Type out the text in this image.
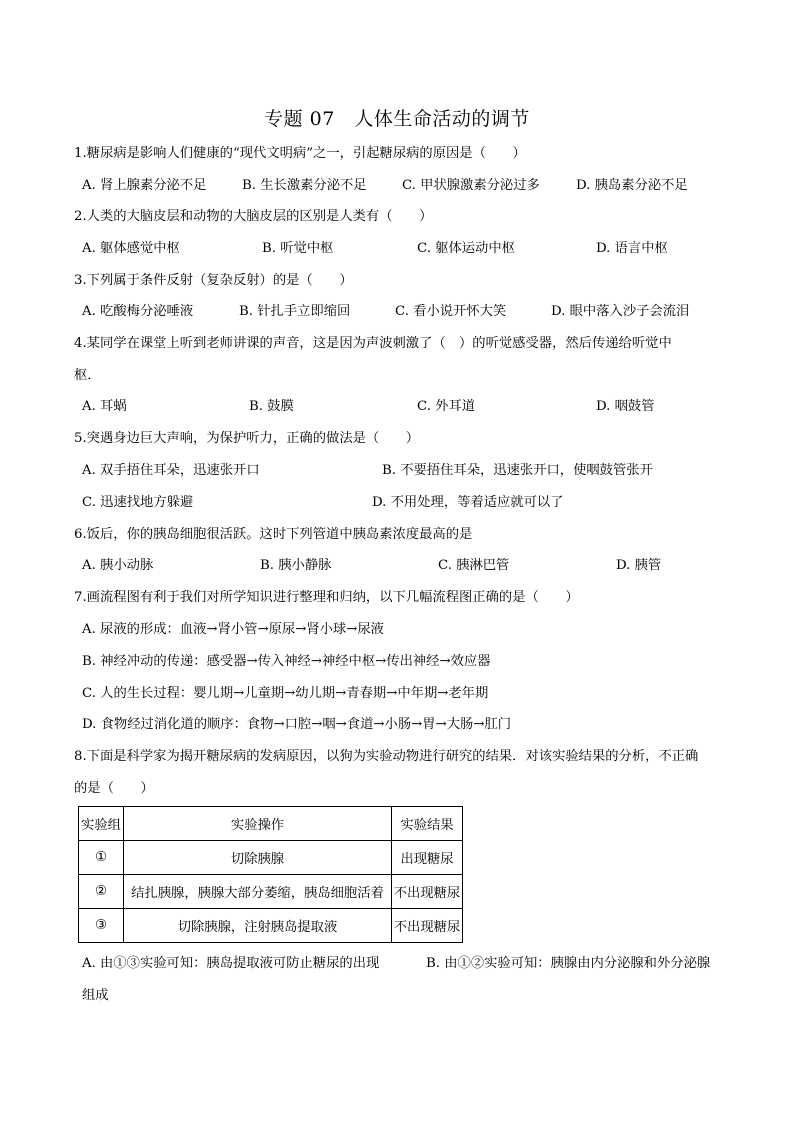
专题 07　人体生命活动的调节
1.糖尿病是影响人们健康的“现代文明病”之一，引起糖尿病的原因是（　　）
A. 肾上腺素分泌不足	B. 生长激素分泌不足	C. 甲状腺激素分泌过多	D. 胰岛素分泌不足
2.人类的大脑皮层和动物的大脑皮层的区别是人类有（　　）
A. 躯体感觉中枢	B. 听觉中枢	C. 躯体运动中枢	D. 语言中枢
3.下列属于条件反射（复杂反射）的是（　　）
A. 吃酸梅分泌唾液	B. 针扎手立即缩回	C. 看小说开怀大笑	D. 眼中落入沙子会流泪
4.某同学在课堂上听到老师讲课的声音，这是因为声波刺激了（　）的听觉感受器，然后传递给听觉中
枢．
A. 耳蜗	B. 鼓膜	C. 外耳道	D. 咽鼓管
5.突遇身边巨大声响，为保护听力，正确的做法是（　　）
A. 双手捂住耳朵，迅速张开口	B. 不要捂住耳朵，迅速张开口，使咽鼓管张开
C. 迅速找地方躲避	D. 不用处理，等着适应就可以了
6.饭后，你的胰岛细胞很活跃。这时下列管道中胰岛素浓度最高的是
A. 胰小动脉	B. 胰小静脉	C. 胰淋巴管	D. 胰管
7.画流程图有利于我们对所学知识进行整理和归纳，以下几幅流程图正确的是（　　）
A. 尿液的形成：血液→肾小管→原尿→肾小球→尿液
B. 神经冲动的传递：感受器→传入神经→神经中枢→传出神经→效应器
C. 人的生长过程：婴儿期→儿童期→幼儿期→青春期→中年期→老年期
D. 食物经过消化道的顺序：食物→口腔→咽→食道→小肠→胃→大肠→肛门
8.下面是科学家为揭开糖尿病的发病原因，以狗为实验动物进行研究的结果．对该实验结果的分析，不正确
的是（　　）
实验组	实验操作	实验结果
①	切除胰腺	出现糖尿
②	结扎胰腺，胰腺大部分萎缩，胰岛细胞活着	不出现糖尿
③	切除胰腺，注射胰岛提取液	不出现糖尿
A. 由①③实验可知：胰岛提取液可防止糖尿的出现	B. 由①②实验可知：胰腺由内分泌腺和外分泌腺
组成
